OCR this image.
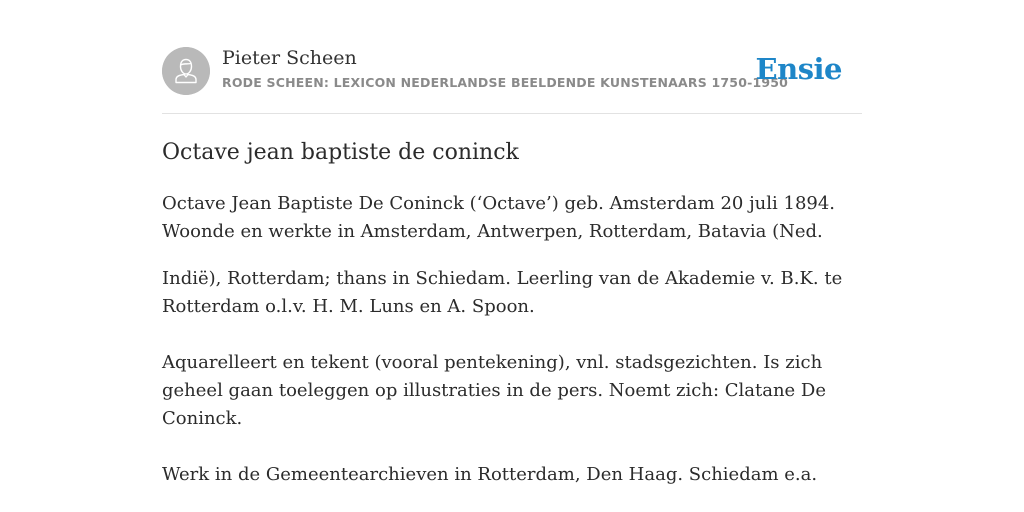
Pieter Scheen
RODE SCHEEN: LEXICON NEDERLANDSE BEELDENDE KUNSTENAARS 1750-1950
Ensie
Octave jean baptiste de coninck

Octave Jean Baptiste De Coninck (‘Octave’) geb. Amsterdam 20 juli 1894. Woonde en werkte in Amsterdam, Antwerpen, Rotterdam, Batavia (Ned.

Indië), Rotterdam; thans in Schiedam. Leerling van de Akademie v. B.K. te Rotterdam o.l.v. H. M. Luns en A. Spoon.

Aquarelleert en tekent (vooral pentekening), vnl. stadsgezichten. Is zich geheel gaan toeleggen op illustraties in de pers. Noemt zich: Clatane De Coninck.

Werk in de Gemeentearchieven in Rotterdam, Den Haag. Schiedam e.a.
